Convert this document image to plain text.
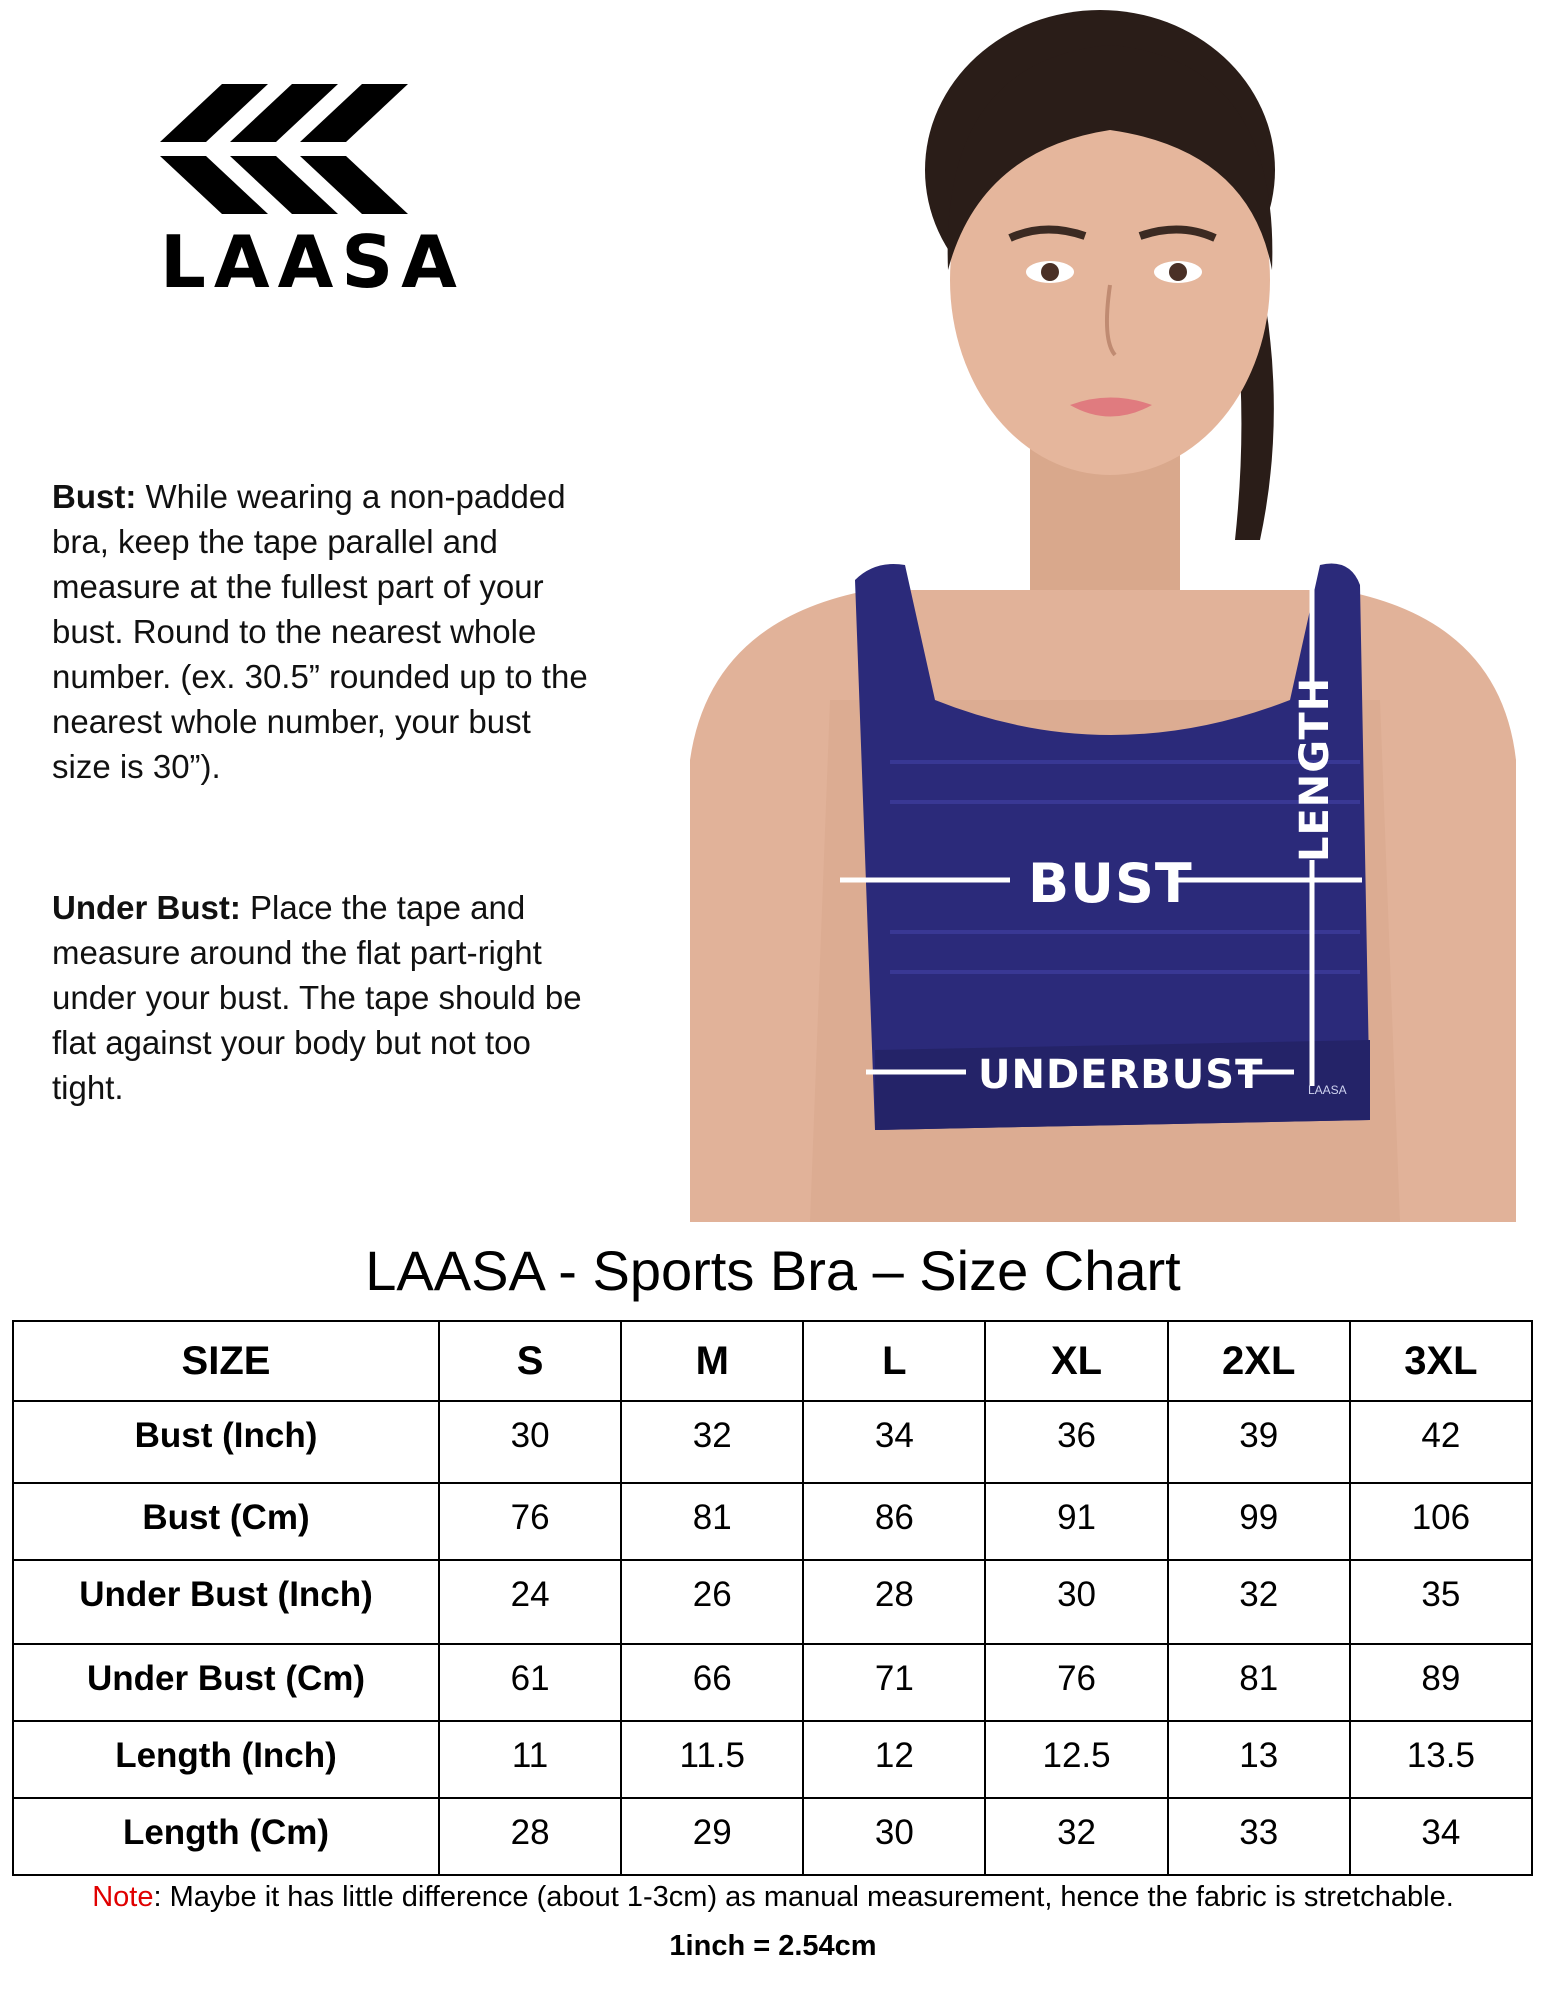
LAASA
Bust: While wearing a non-padded bra, keep the tape parallel and measure at the fullest part of your bust. Round to the nearest whole number. (ex. 30.5” rounded up to the nearest whole number, your bust size is 30”).
Under Bust: Place the tape and measure around the flat part-right under your bust. The tape should be flat against your body but not too tight.
BUST
UNDERBUST
LENGTH
LAASA
LAASA - Sports Bra – Size Chart
SIZE	S	M	L	XL	2XL	3XL
Bust (Inch)	30	32	34	36	39	42
Bust (Cm)	76	81	86	91	99	106
Under Bust (Inch)	24	26	28	30	32	35
Under Bust (Cm)	61	66	71	76	81	89
Length (Inch)	11	11.5	12	12.5	13	13.5
Length (Cm)	28	29	30	32	33	34
Note: Maybe it has little difference (about 1-3cm) as manual measurement, hence the fabric is stretchable.
1inch = 2.54cm
